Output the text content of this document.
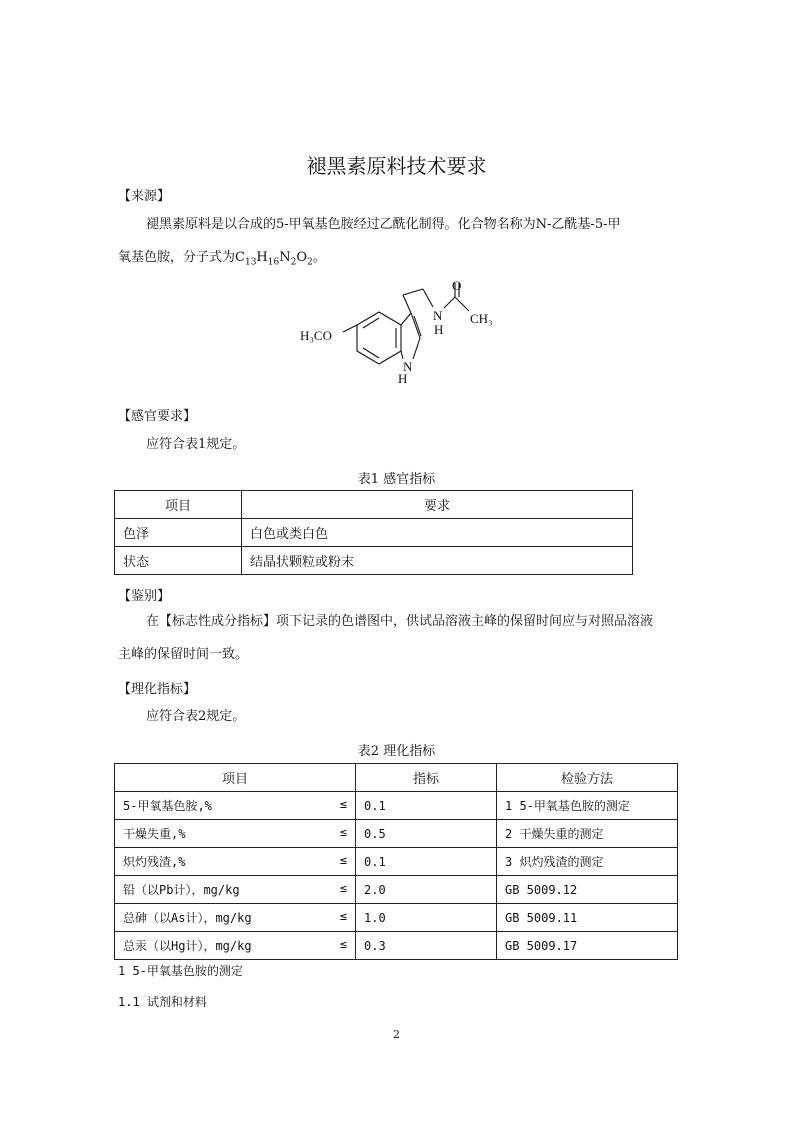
褪黑素原料技术要求
【来源】
褪黑素原料是以合成的5-甲氧基色胺经过乙酰化制得。化合物名称为N-乙酰基-5-甲
氧基色胺，分子式为$C_{13}H_{16}N_2O_2$。
H₃CO
O
N
H
CH₃
N
H
【感官要求】
应符合表1规定。
表1 感官指标
项目	要求
色泽	白色或类白色
状态	结晶状颗粒或粉末
【鉴别】
在【标志性成分指标】项下记录的色谱图中，供试品溶液主峰的保留时间应与对照品溶液
主峰的保留时间一致。
【理化指标】
应符合表2规定。
表2 理化指标
项目	指标	检验方法
5-甲氧基色胺,% ≤	0.1	1 5-甲氧基色胺的测定
干燥失重,% ≤	0.5	2 干燥失重的测定
炽灼残渣,% ≤	0.1	3 炽灼残渣的测定
铅（以Pb计），mg/kg ≤	2.0	GB 5009.12
总砷（以As计），mg/kg ≤	1.0	GB 5009.11
总汞（以Hg计），mg/kg ≤	0.3	GB 5009.17
1 5-甲氧基色胺的测定
1.1 试剂和材料
2
